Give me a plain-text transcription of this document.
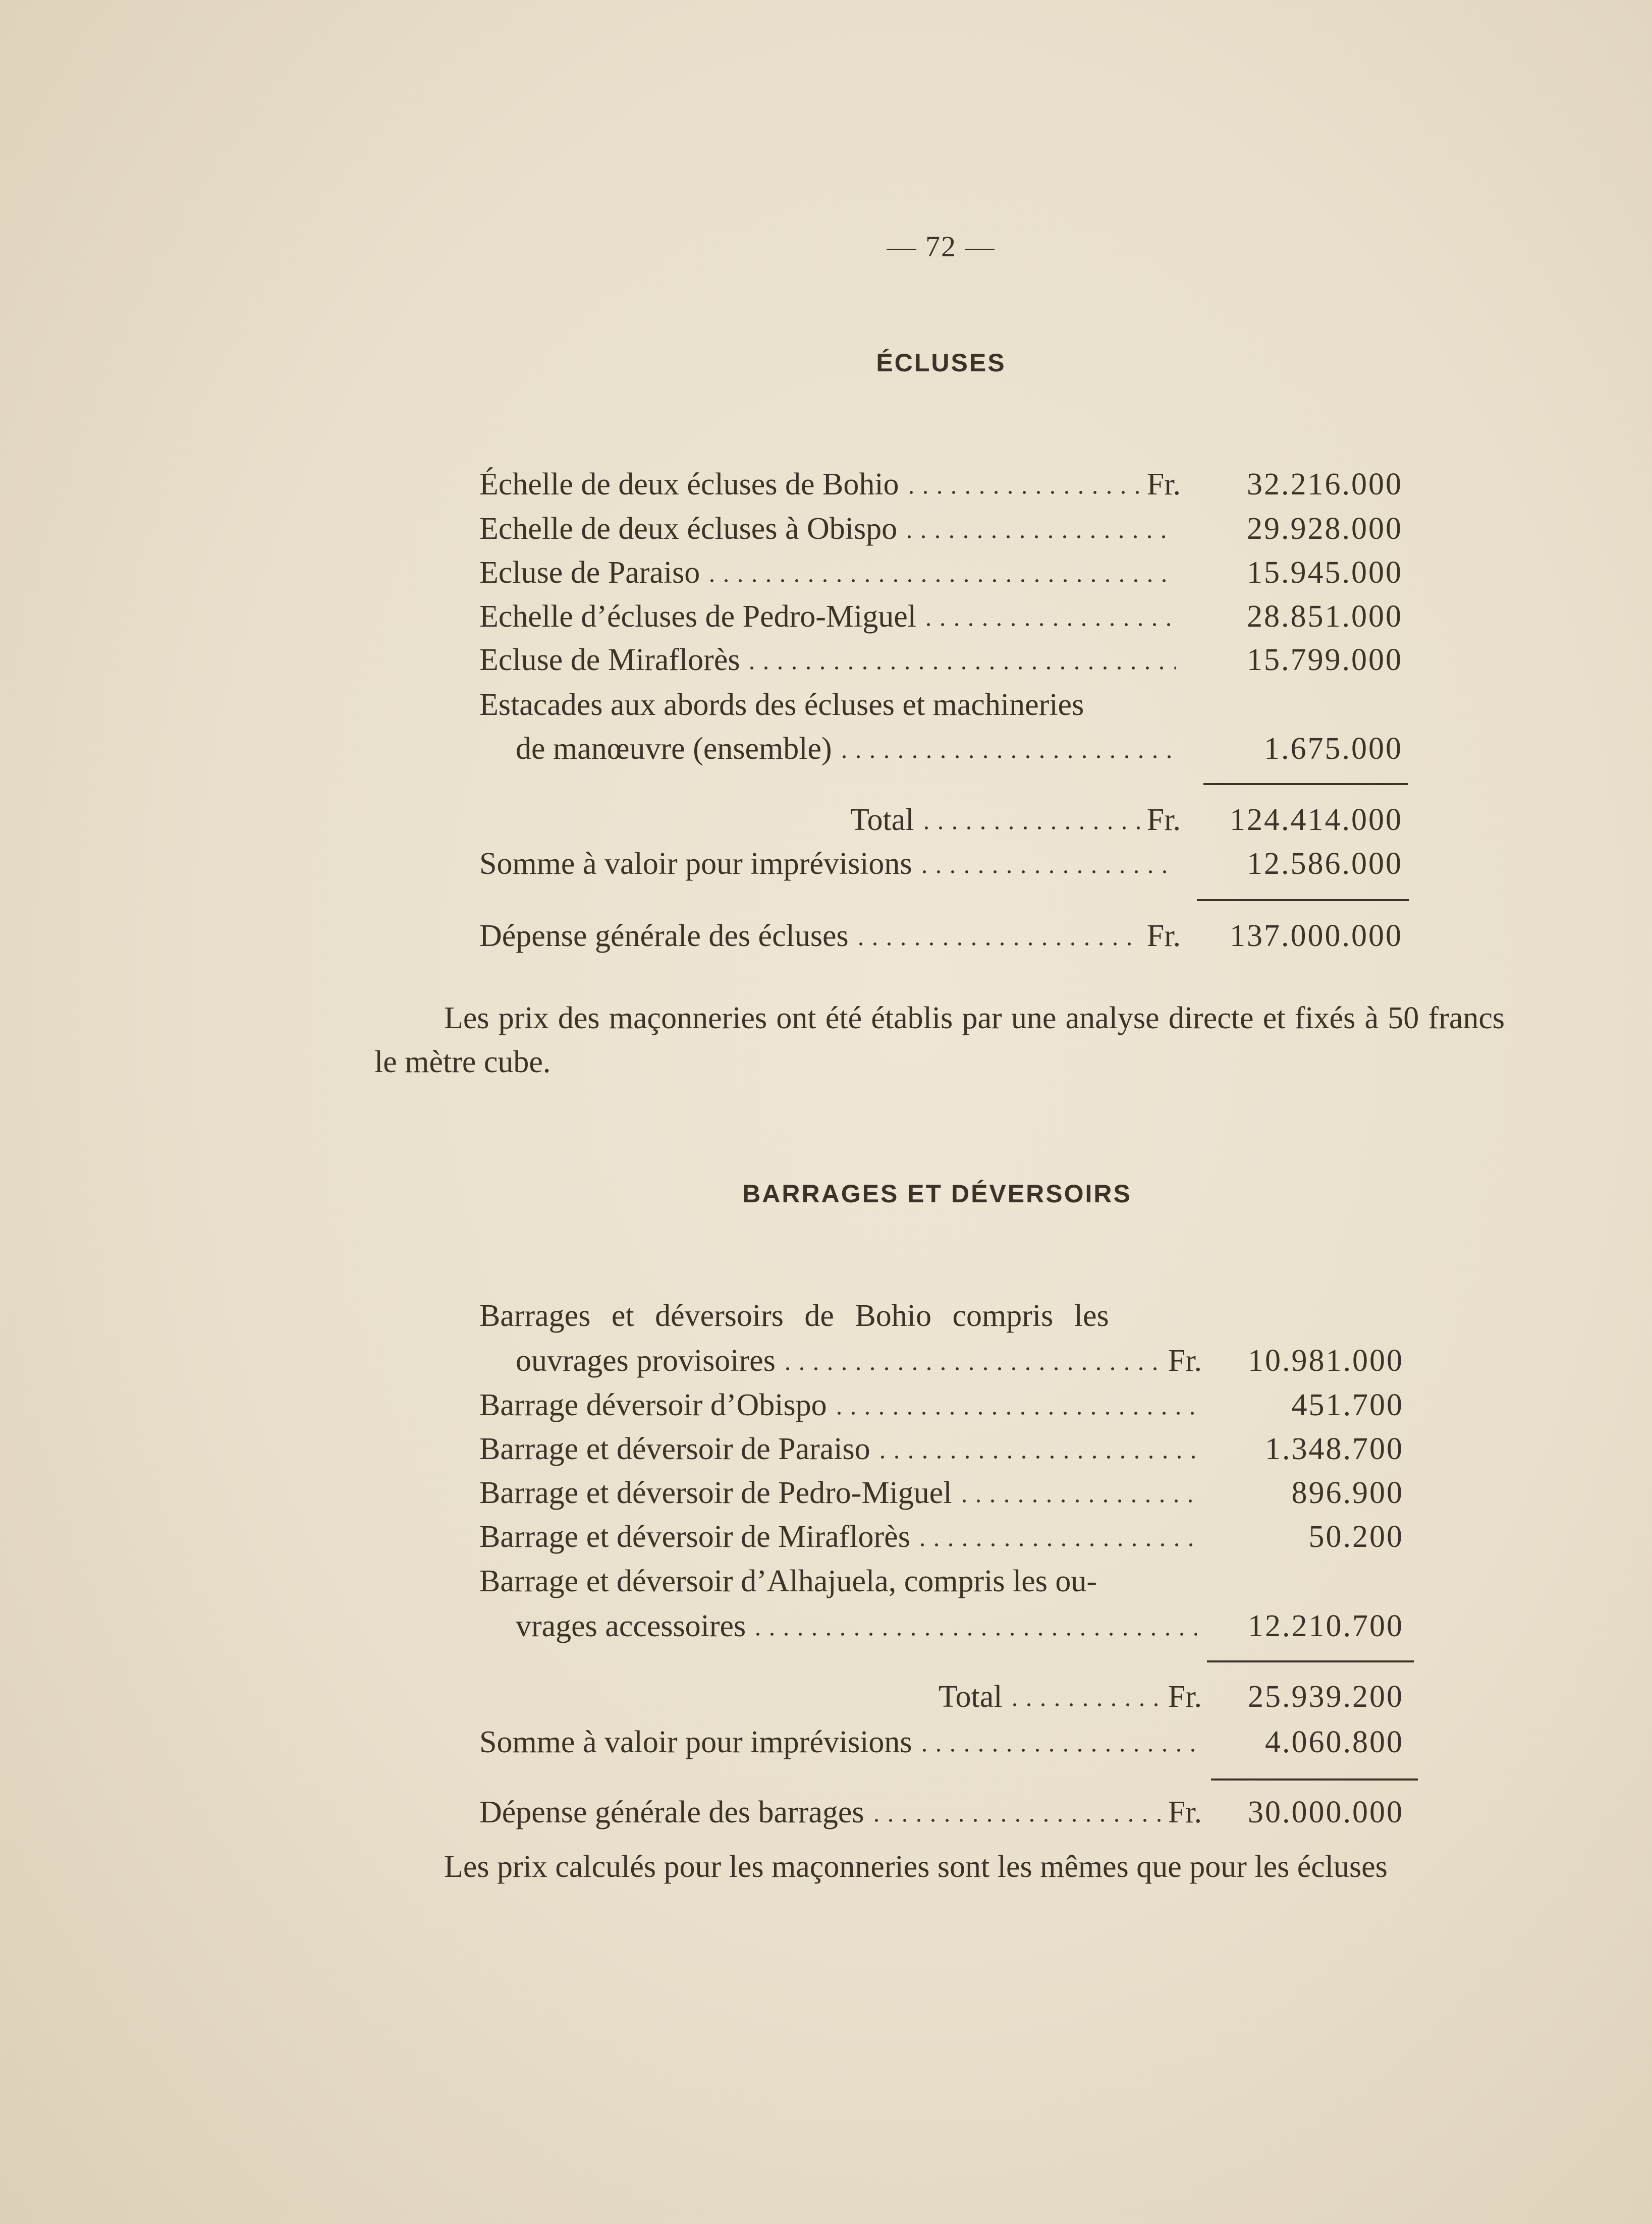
— 72 —
ÉCLUSES
Échelle de deux écluses de Bohio	Fr.	32.216.000
Echelle de deux écluses à Obispo	29.928.000
Ecluse de Paraiso	15.945.000
Echelle d’écluses de Pedro-Miguel	28.851.000
Ecluse de Miraflorès	15.799.000
Estacades aux abords des écluses et machineries
de manœuvre (ensemble)	1.675.000
Total	Fr.	124.414.000
Somme à valoir pour imprévisions	12.586.000
Dépense générale des écluses	Fr.	137.000.000
Les prix des maçonneries ont été établis par une analyse directe et fixés à 50 francs le mètre cube.
BARRAGES ET DÉVERSOIRS
Barrages et déversoirs de Bohio compris les
ouvrages provisoires	Fr.	10.981.000
Barrage déversoir d’Obispo	451.700
Barrage et déversoir de Paraiso	1.348.700
Barrage et déversoir de Pedro-Miguel	896.900
Barrage et déversoir de Miraflorès	50.200
Barrage et déversoir d’Alhajuela, compris les ou-
vrages accessoires	12.210.700
Total	Fr.	25.939.200
Somme à valoir pour imprévisions	4.060.800
Dépense générale des barrages	Fr.	30.000.000
Les prix calculés pour les maçonneries sont les mêmes que pour les écluses
